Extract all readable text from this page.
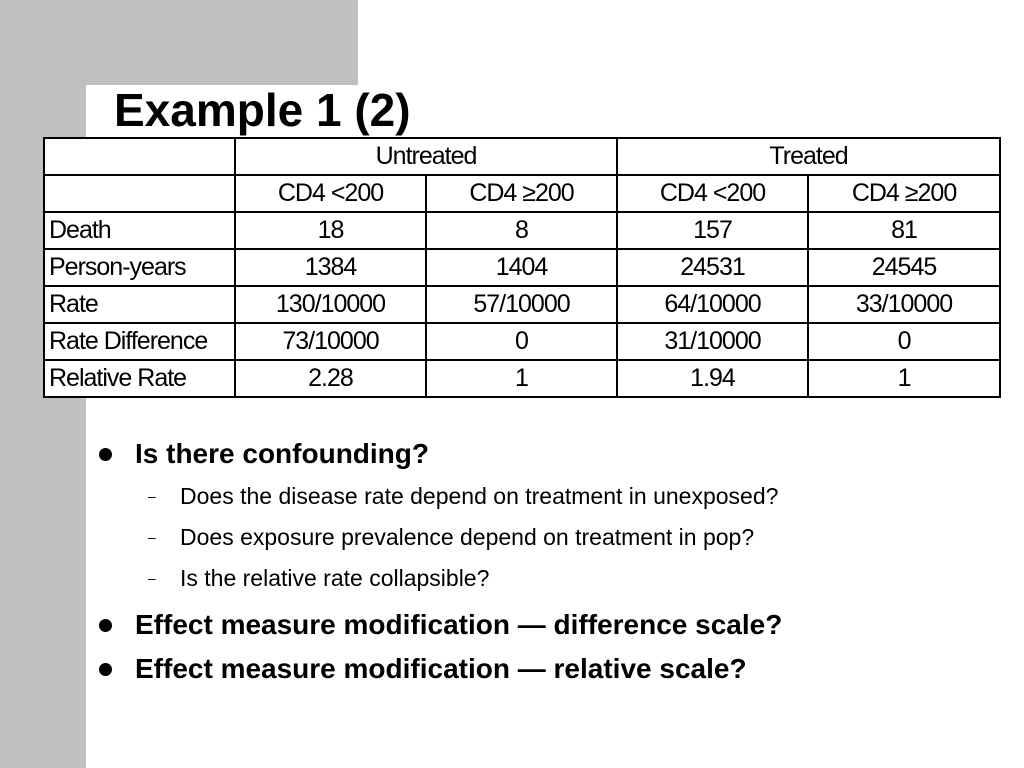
Example 1 (2)
	Untreated		Treated	
	CD4 <200	CD4 ≥200	CD4 <200	CD4 ≥200
Death	18	8	157	81
Person-years	1384	1404	24531	24545
Rate	130/10000	57/10000	64/10000	33/10000
Rate Difference	73/10000	0	31/10000	0
Relative Rate	2.28	1	1.94	1
Is there confounding?
– Does the disease rate depend on treatment in unexposed?
– Does exposure prevalence depend on treatment in pop?
– Is the relative rate collapsible?
Effect measure modification — difference scale?
Effect measure modification — relative scale?
